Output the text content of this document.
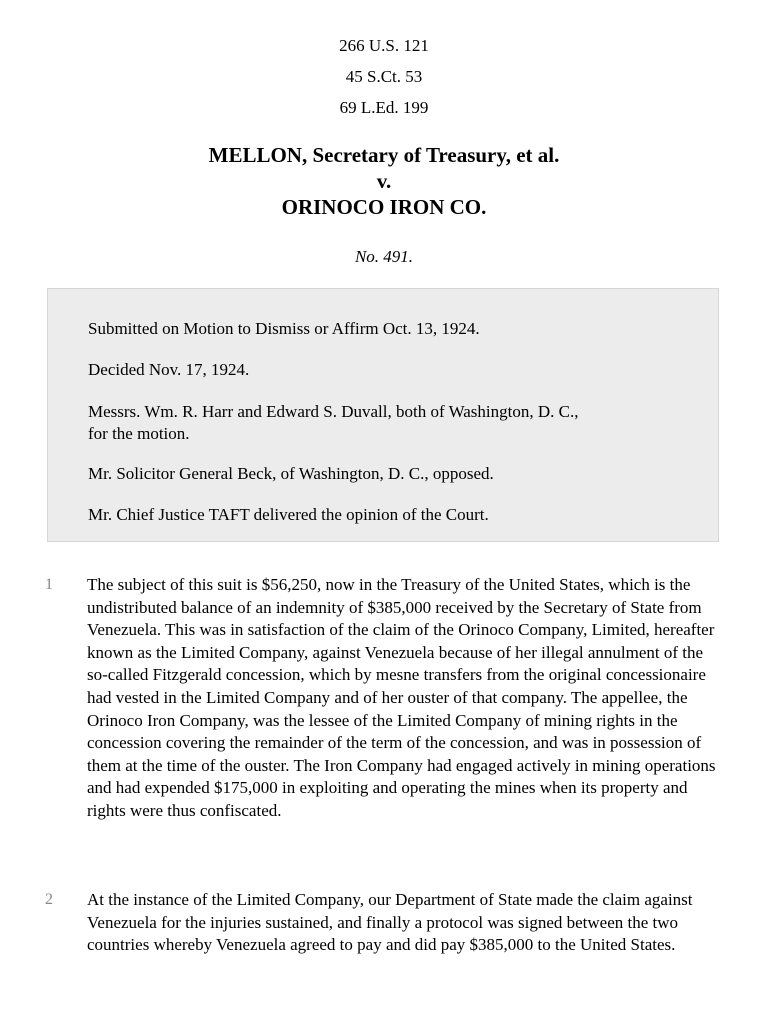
266 U.S. 121
45 S.Ct. 53
69 L.Ed. 199
MELLON, Secretary of Treasury, et al.
v.
ORINOCO IRON CO.
No. 491.
Submitted on Motion to Dismiss or Affirm Oct. 13, 1924.
Decided Nov. 17, 1924.
Messrs. Wm. R. Harr and Edward S. Duvall, both of Washington, D. C.,
for the motion.
Mr. Solicitor General Beck, of Washington, D. C., opposed.
Mr. Chief Justice TAFT delivered the opinion of the Court.
1 The subject of this suit is $56,250, now in the Treasury of the United States, which is the undistributed balance of an indemnity of $385,000 received by the Secretary of State from Venezuela. This was in satisfaction of the claim of the Orinoco Company, Limited, hereafter known as the Limited Company, against Venezuela because of her illegal annulment of the so-called Fitzgerald concession, which by mesne transfers from the original concessionaire had vested in the Limited Company and of her ouster of that company. The appellee, the Orinoco Iron Company, was the lessee of the Limited Company of mining rights in the concession covering the remainder of the term of the concession, and was in possession of them at the time of the ouster. The Iron Company had engaged actively in mining operations and had expended $175,000 in exploiting and operating the mines when its property and rights were thus confiscated.
2 At the instance of the Limited Company, our Department of State made the claim against Venezuela for the injuries sustained, and finally a protocol was signed between the two countries whereby Venezuela agreed to pay and did pay $385,000 to the United States.
